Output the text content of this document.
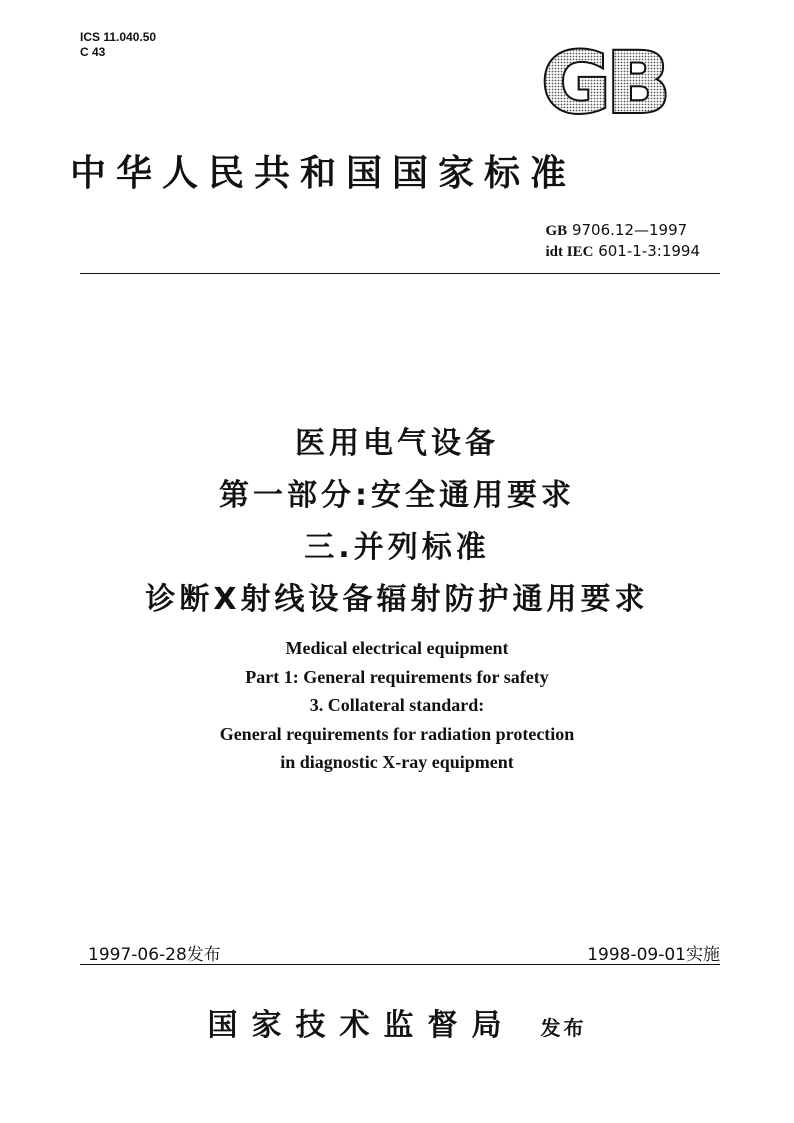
ICS 11.040.50
C 43	GB
中华人民共和国国家标准
GB 9706.12—1997
idt IEC 601-1-3:1994
医用电气设备
第一部分:安全通用要求
三.并列标准
诊断X射线设备辐射防护通用要求
Medical electrical equipment
Part 1: General requirements for safety
3. Collateral standard:
General requirements for radiation protection
in diagnostic X-ray equipment
1997-06-28发布	1998-09-01实施
国家技术监督局 发布
